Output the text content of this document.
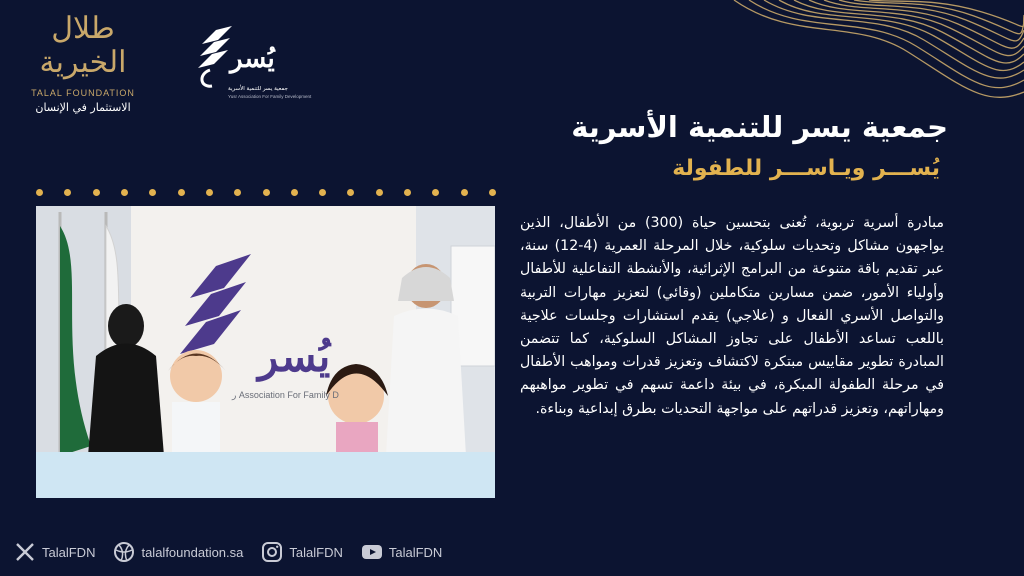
طلال الخيرية
TALAL FOUNDATION
الاستثمار في الإنسان
يُسر
جمعية يسر للتنمية الأسرية
Yusr Association For Family Development
جمعية يسر للتنمية الأسرية
يُســـر ويـاســـر للطفولة
يُسر
ر Association For Family D
مبادرة أسرية تربوية، تُعنى بتحسين حياة (300) من الأطفال، الذين يواجهون مشاكل وتحديات سلوكية، خلال المرحلة العمرية (4-12) سنة، عبر تقديم باقة متنوعة من البرامج الإثرائية، والأنشطة التفاعلية للأطفال وأولياء الأمور، ضمن مسارين متكاملين (وقائي) لتعزيز مهارات التربية والتواصل الأسري الفعال و (علاجي) يقدم استشارات وجلسات علاجية باللعب تساعد الأطفال على تجاوز المشاكل السلوكية، كما تتضمن المبادرة تطوير مقاييس مبتكرة لاكتشاف وتعزيز قدرات ومواهب الأطفال في مرحلة الطفولة المبكرة، في بيئة داعمة تسهم في تطوير مواهبهم ومهاراتهم، وتعزيز قدراتهم على مواجهة التحديات بطرق إبداعية وبناءة.
TalalFDN	talalfoundation.sa	TalalFDN	TalalFDN
